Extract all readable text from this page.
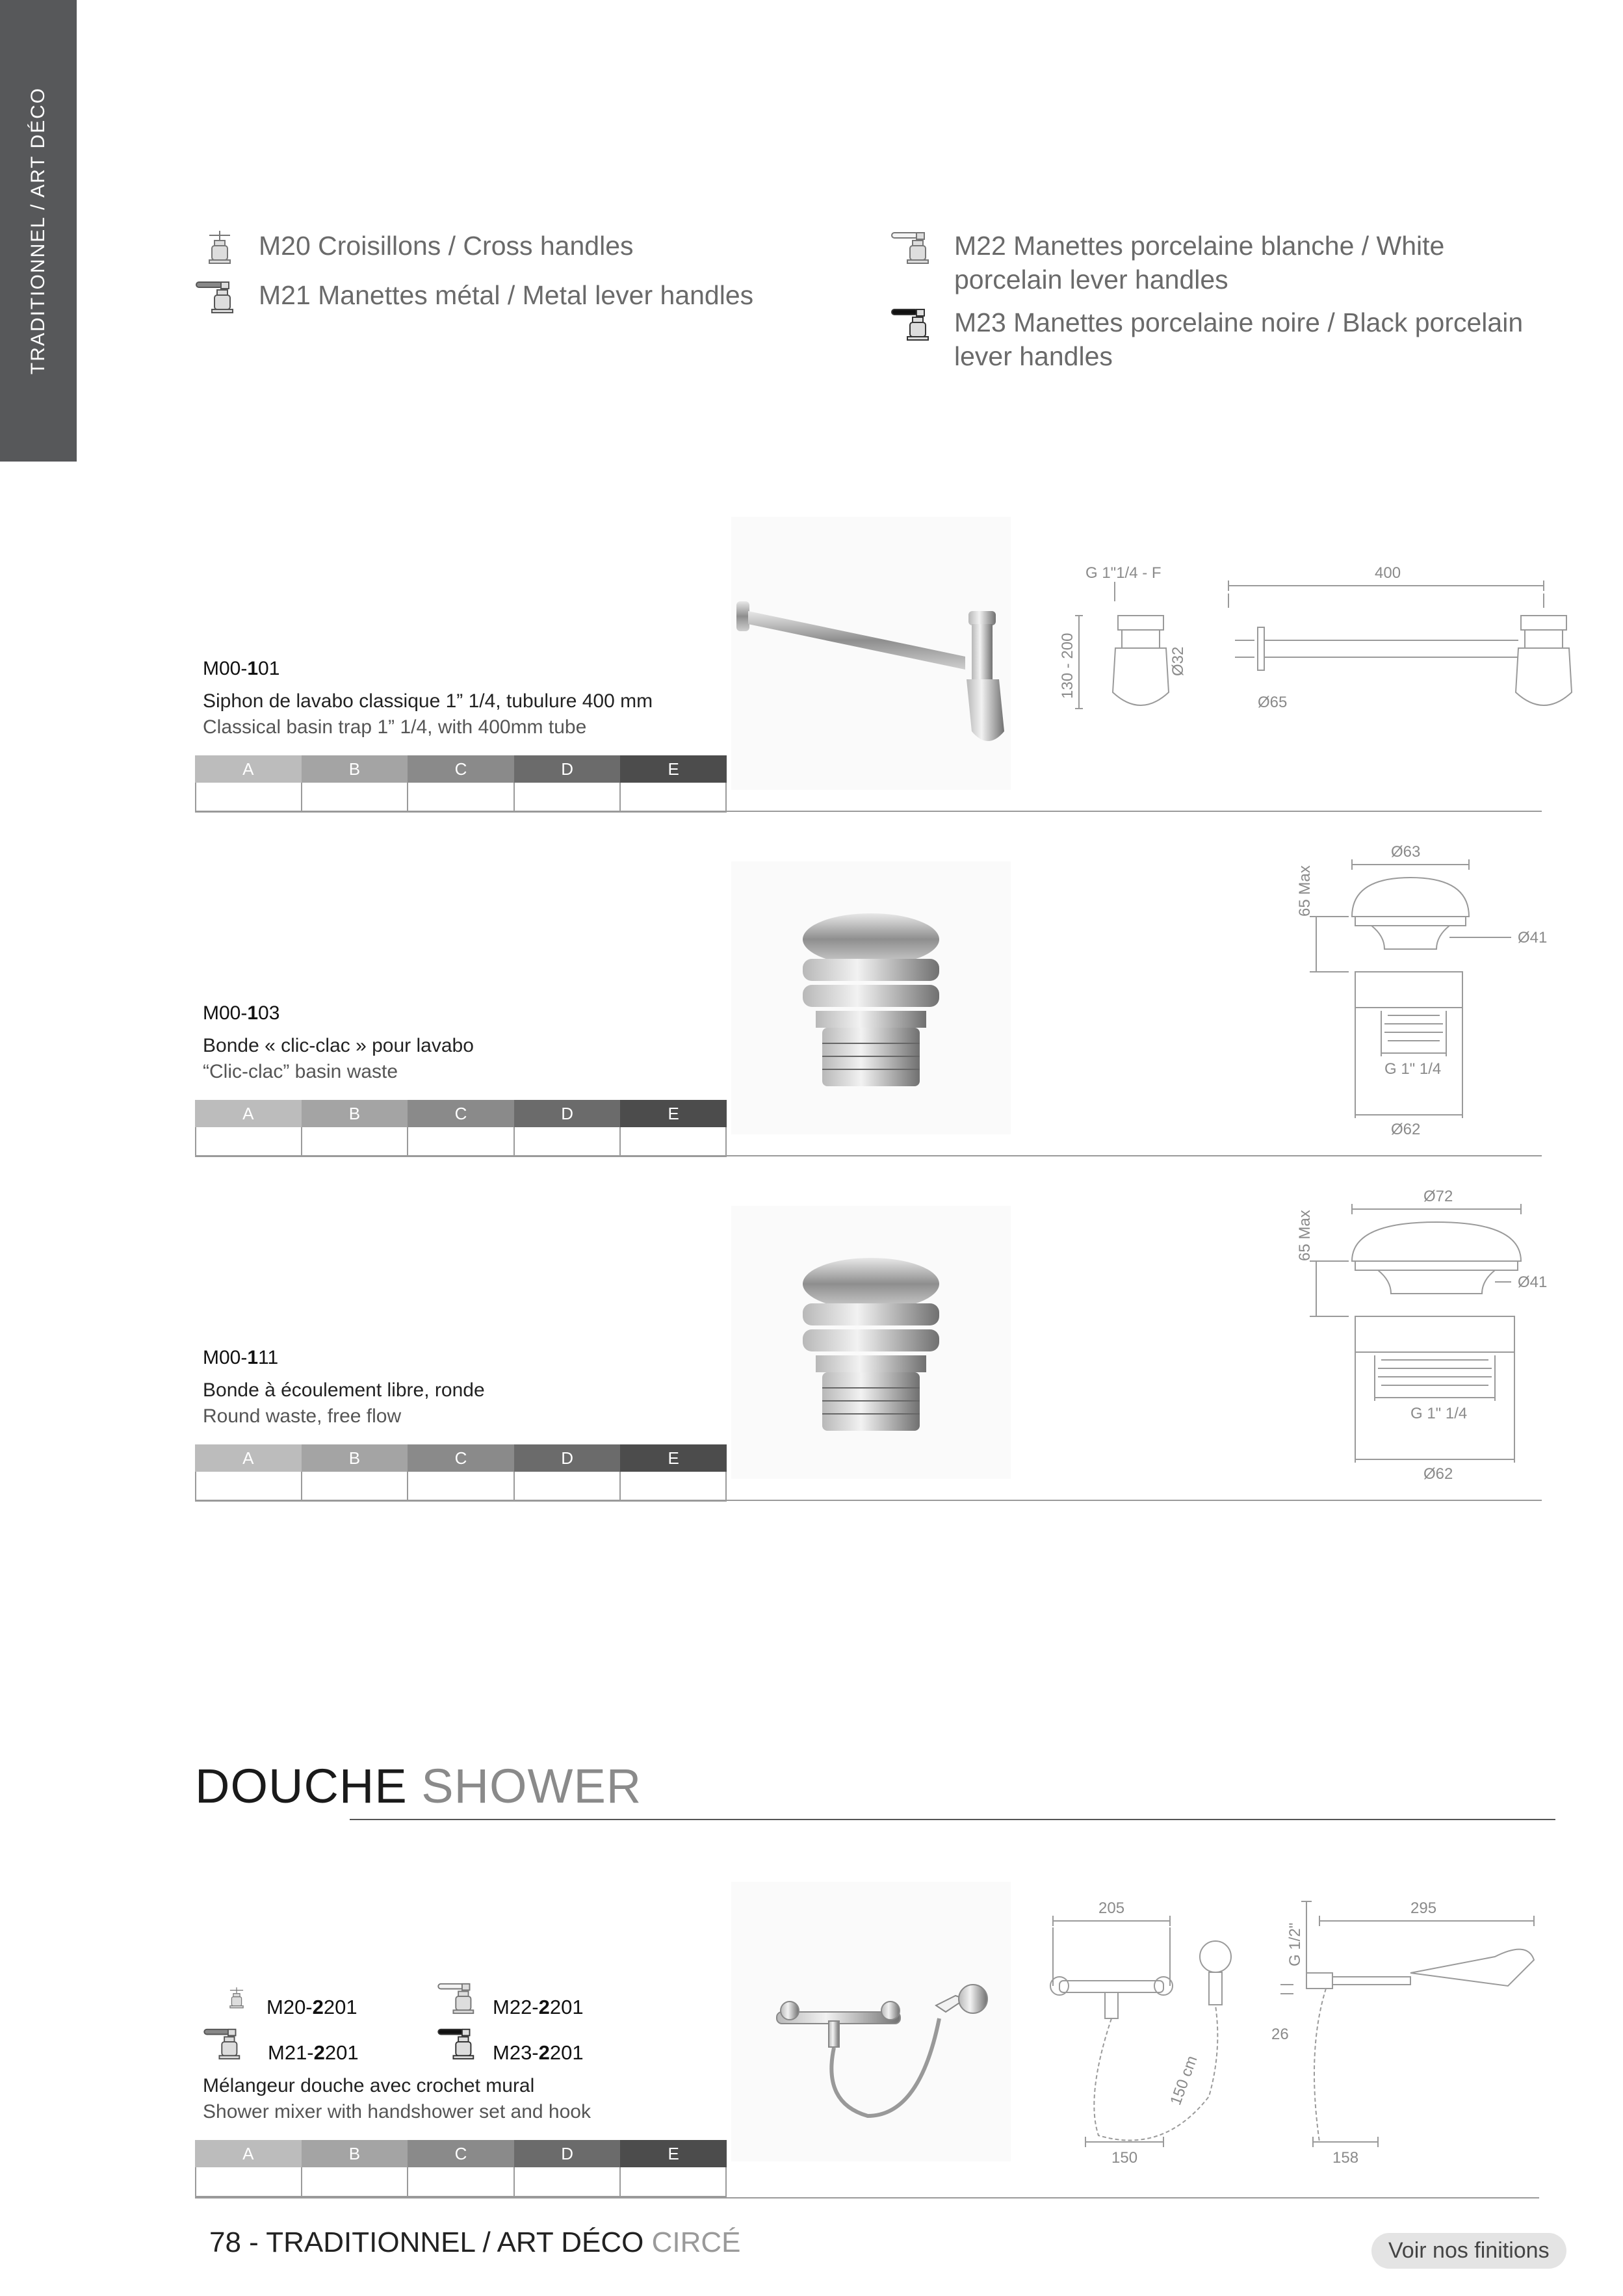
TRADITIONNEL / ART DÉCO	M20 Croisillons / Cross handles
M21 Manettes métal / Metal lever handles
M22 Manettes porcelaine blanche / White porcelain lever handles
M23 Manettes porcelaine noire / Black porcelain lever handles
M00-101
Siphon de lavabo classique 1” 1/4, tubulure 400 mm
Classical basin trap 1” 1/4, with 400mm tube
A	B	C	D	E
G 1"1/4 - F	400
130 - 200	Ø32
Ø65
M00-103
Bonde « clic-clac » pour lavabo
“Clic-clac” basin waste
A	B	C	D	E
Ø63
65 Max
Ø41
G 1" 1/4
Ø62
M00-111
Bonde à écoulement libre, ronde
Round waste, free flow
A	B	C	D	E
Ø72
65 Max
Ø41
G 1" 1/4
Ø62
DOUCHE SHOWER
M20-2201	M22-2201
M21-2201	M23-2201
Mélangeur douche avec crochet mural
Shower mixer with handshower set and hook
A	B	C	D	E
205
150 cm
150
G 1/2"
295
26
158
78 - TRADITIONNEL / ART DÉCO CIRCÉ	Voir nos finitions
